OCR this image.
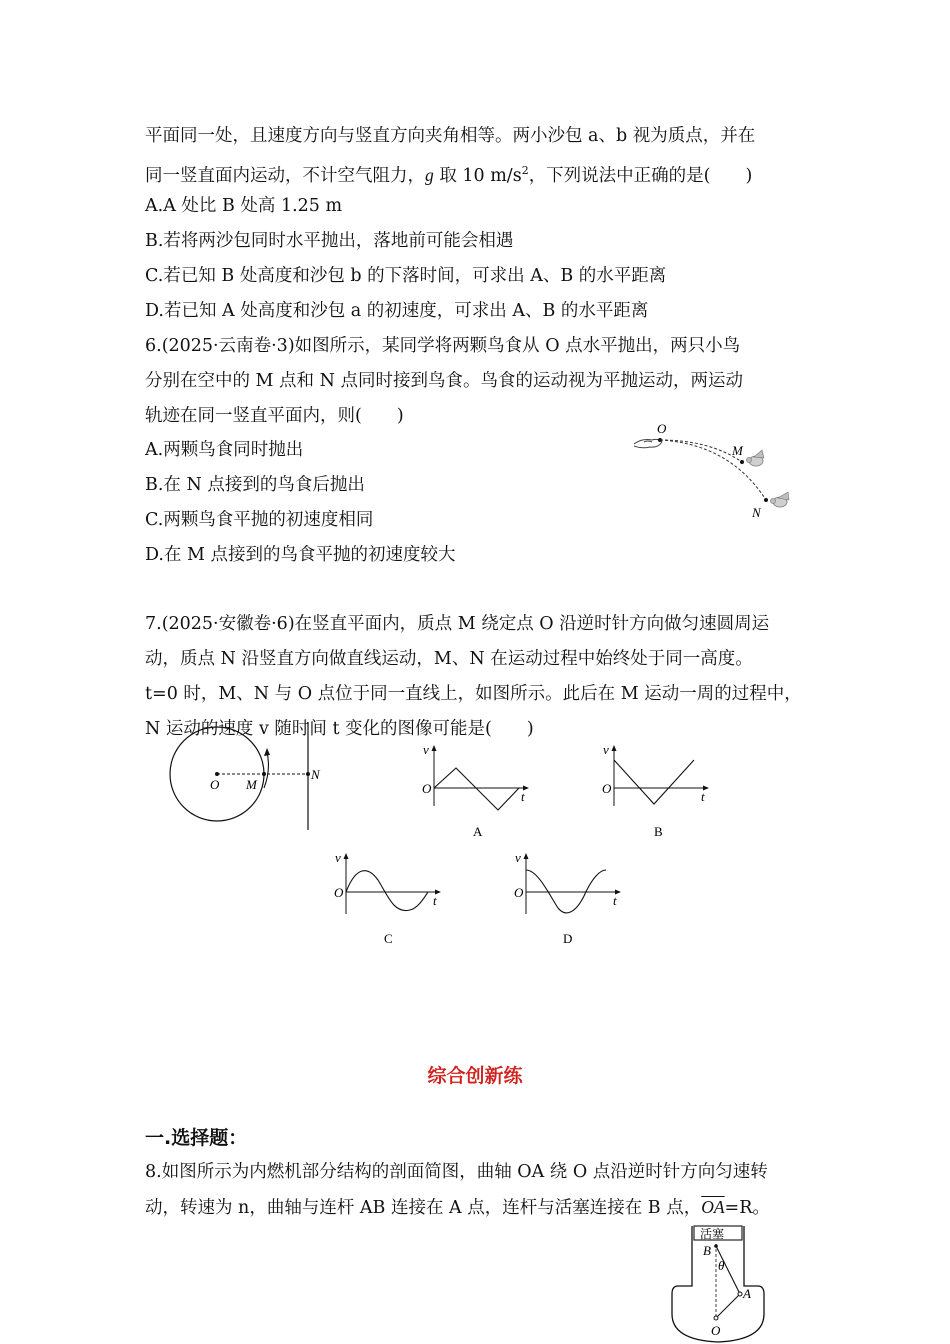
平面同一处，且速度方向与竖直方向夹角相等。两小沙包 a、b 视为质点，并在
同一竖直面内运动，不计空气阻力，g 取 10 $m/s^2$，下列说法中正确的是(　　)
A.A 处比 B 处高 1.25 m
B.若将两沙包同时水平抛出，落地前可能会相遇
C.若已知 B 处高度和沙包 b 的下落时间，可求出 A、B 的水平距离
D.若已知 A 处高度和沙包 a 的初速度，可求出 A、B 的水平距离
6.(2025·云南卷·3)如图所示，某同学将两颗鸟食从 O 点水平抛出，两只小鸟
分别在空中的 M 点和 N 点同时接到鸟食。鸟食的运动视为平抛运动，两运动
轨迹在同一竖直平面内，则(　　)
A.两颗鸟食同时抛出
B.在 N 点接到的鸟食后抛出
C.两颗鸟食平抛的初速度相同
D.在 M 点接到的鸟食平抛的初速度较大
O
M
N
7.(2025·安徽卷·6)在竖直平面内，质点 M 绕定点 O 沿逆时针方向做匀速圆周运
动，质点 N 沿竖直方向做直线运动，M、N 在运动过程中始终处于同一高度。
t=0 时，M、N 与 O 点位于同一直线上，如图所示。此后在 M 运动一周的过程中，
N 运动的速度 v 随时间 t 变化的图像可能是(　　)
O M
N
v
t
O
A
v
t
O
B
v
t
O
C
v
t
O
D
综合创新练
一.选择题：
8.如图所示为内燃机部分结构的剖面简图，曲轴 OA 绕 O 点沿逆时针方向匀速转
动，转速为 n，曲轴与连杆 AB 连接在 A 点，连杆与活塞连接在 B 点，$\overline{OA}=R$。
活塞
B
θ
A
O
